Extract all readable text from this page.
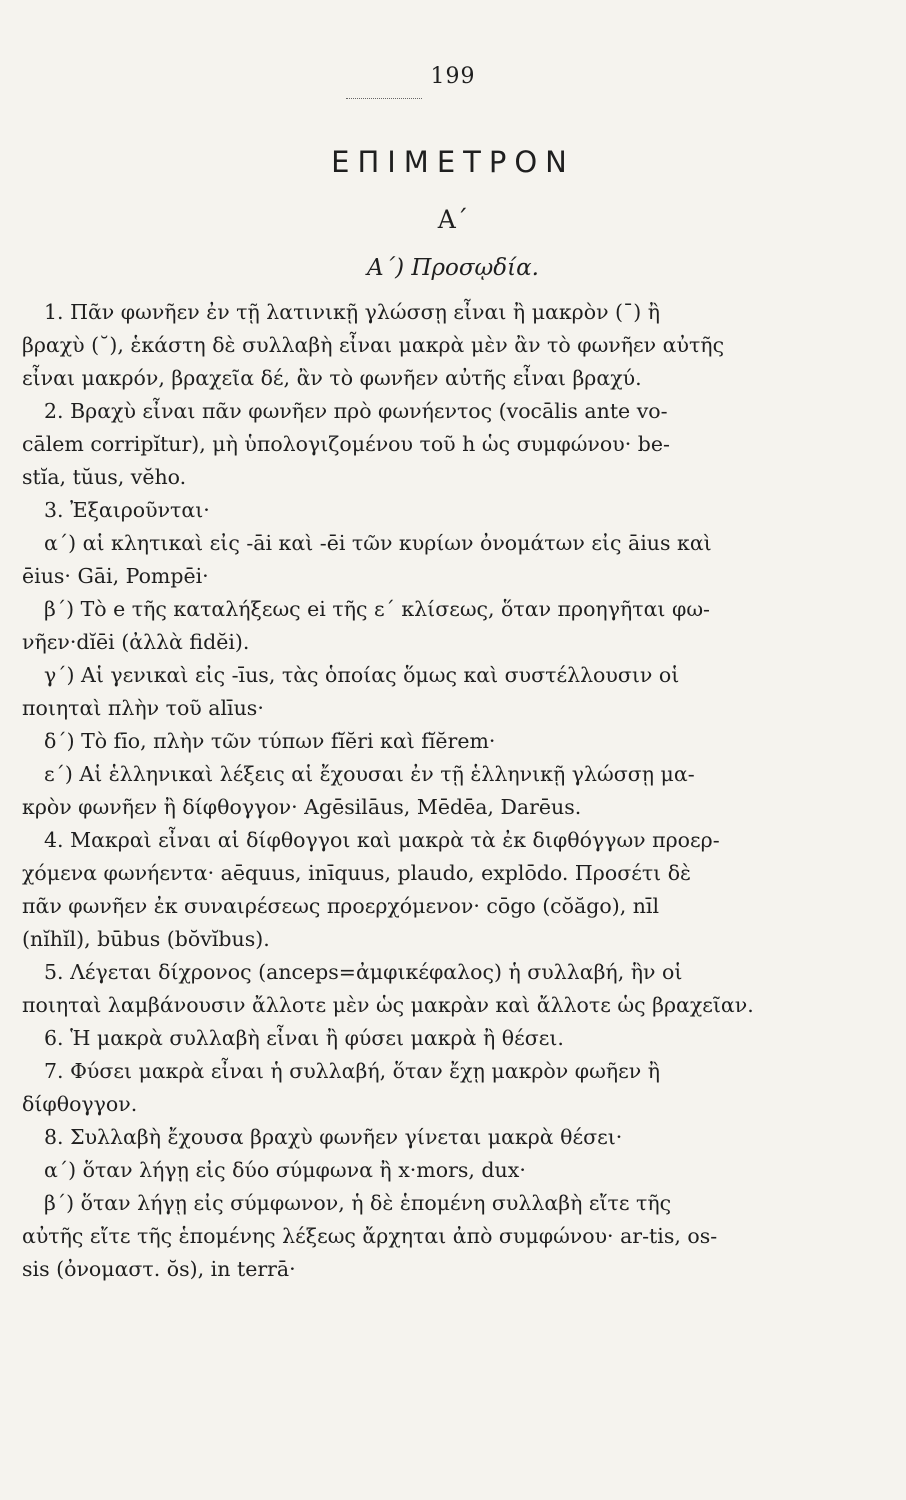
199
ΕΠΙΜΕΤΡΟΝ
Α΄
Α΄) Προσῳδία.
1. Πᾶν φωνῆεν ἐν τῇ λατινικῇ γλώσσῃ εἶναι ἢ μακρὸν (¯) ἢ
βραχὺ (˘), ἑκάστη δὲ συλλαβὴ εἶναι μακρὰ μὲν ἂν τὸ φωνῆεν αὐτῆς
εἶναι μακρόν, βραχεῖα δέ, ἂν τὸ φωνῆεν αὐτῆς εἶναι βραχύ.
2. Βραχὺ εἶναι πᾶν φωνῆεν πρὸ φωνήεντος (vocālis ante vo-
cālem corripĭtur), μὴ ὑπολογιζομένου τοῦ h ὡς συμφώνου· be-
stĭa, tŭus, vĕho.
3. Ἐξαιροῦνται·
α΄) αἱ κλητικαὶ εἰς -āi καὶ -ēi τῶν κυρίων ὀνομάτων εἰς āius καὶ
ēius· Gāi, Pompēi·
β΄) Τὸ e τῆς καταλήξεως ei τῆς ε΄ κλίσεως, ὅταν προηγῆται φω-
νῆεν·dĭēi (ἀλλὰ fidĕi).
γ΄) Αἱ γενικαὶ εἰς -īus, τὰς ὁποίας ὅμως καὶ συστέλλουσιν οἱ
ποιηταὶ πλὴν τοῦ alīus·
δ΄) Τὸ fīo, πλὴν τῶν τύπων fĭĕri καὶ fĭĕrem·
ε΄) Αἱ ἑλληνικαὶ λέξεις αἱ ἔχουσαι ἐν τῇ ἑλληνικῇ γλώσσῃ μα-
κρὸν φωνῆεν ἢ δίφθογγον· Agēsilāus, Mēdēa, Darēus.
4. Μακραὶ εἶναι αἱ δίφθογγοι καὶ μακρὰ τὰ ἐκ διφθόγγων προερ-
χόμενα φωνήεντα· aēquus, inīquus, plaudo, explōdo. Προσέτι δὲ
πᾶν φωνῆεν ἐκ συναιρέσεως προερχόμενον· cōgo (cŏăgo), nīl
(nĭhĭl), būbus (bŏvĭbus).
5. Λέγεται δίχρονος (anceps=ἀμφικέφαλος) ἡ συλλαβή, ἣν οἱ
ποιηταὶ λαμβάνουσιν ἄλλοτε μὲν ὡς μακρὰν καὶ ἄλλοτε ὡς βραχεῖαν.
6. Ἡ μακρὰ συλλαβὴ εἶναι ἢ φύσει μακρὰ ἢ θέσει.
7. Φύσει μακρὰ εἶναι ἡ συλλαβή, ὅταν ἔχῃ μακρὸν φωῆεν ἢ
δίφθογγον.
8. Συλλαβὴ ἔχουσα βραχὺ φωνῆεν γίνεται μακρὰ θέσει·
α΄) ὅταν λήγῃ εἰς δύο σύμφωνα ἢ x·mors, dux·
β΄) ὅταν λήγῃ εἰς σύμφωνον, ἡ δὲ ἑπομένη συλλαβὴ εἴτε τῆς
αὐτῆς εἴτε τῆς ἑπομένης λέξεως ἄρχηται ἀπὸ συμφώνου· ar-tis, os-
sis (ὀνομαστ. ŏs), in terrā·
